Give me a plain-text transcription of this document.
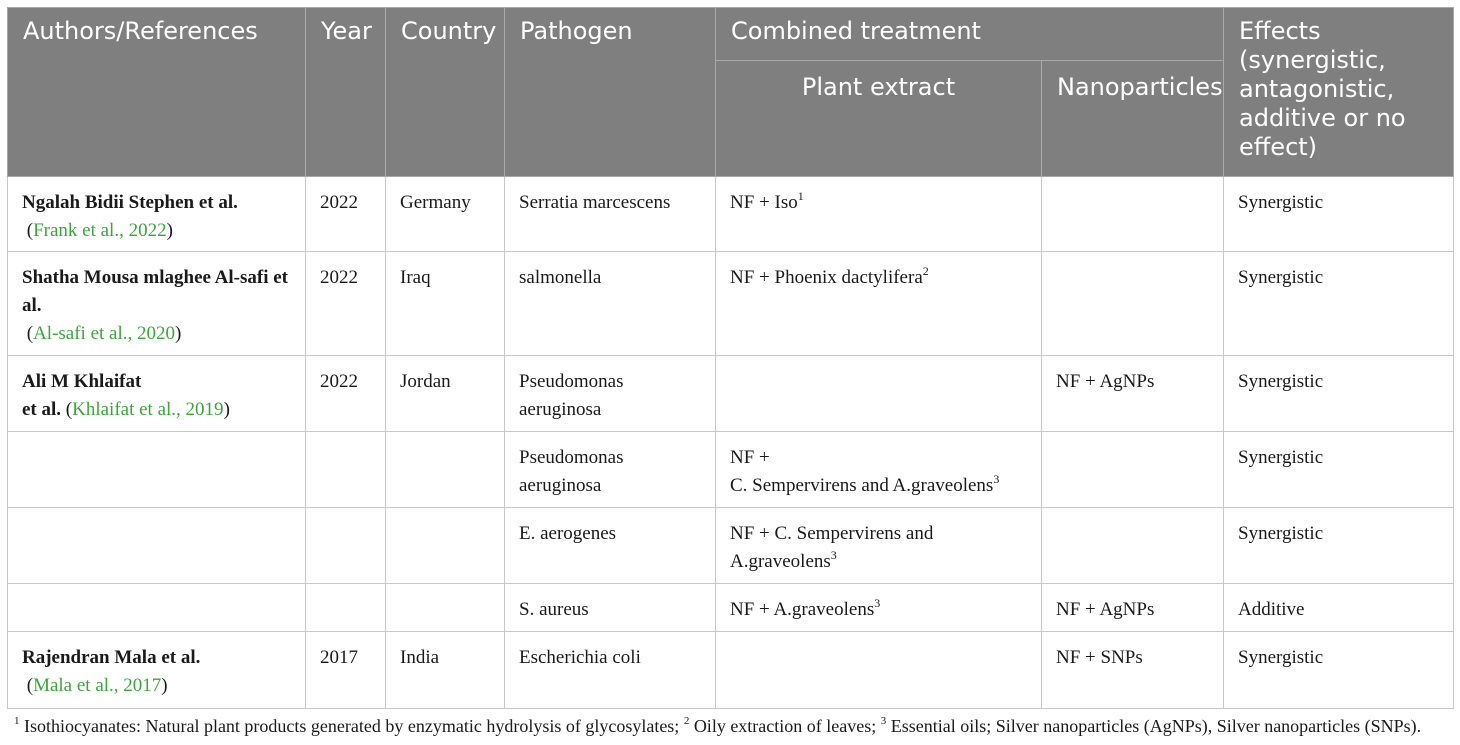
Authors/References	Year	Country	Pathogen	Combined treatment		Effects (synergistic, antagonistic, additive or no effect)
				Plant extract	Nanoparticles	
Ngalah Bidii Stephen et al.
(Frank et al., 2022)	2022	Germany	Serratia marcescens	NF + Iso$^1$		Synergistic
Shatha Mousa mlaghee Al-safi et al.
(Al-safi et al., 2020)	2022	Iraq	salmonella	NF + Phoenix dactylifera$^2$		Synergistic
Ali M Khlaifat
et al. (Khlaifat et al., 2019)	2022	Jordan	Pseudomonas aeruginosa		NF + AgNPs	Synergistic
			Pseudomonas aeruginosa	NF +
C. Sempervirens and A.graveolens$^3$		Synergistic
			E. aerogenes	NF + C. Sempervirens and
A.graveolens$^3$		Synergistic
			S. aureus	NF + A.graveolens$^3$	NF + AgNPs	Additive
Rajendran Mala et al.
(Mala et al., 2017)	2017	India	Escherichia coli		NF + SNPs	Synergistic
$^1$ Isothiocyanates: Natural plant products generated by enzymatic hydrolysis of glycosylates; $^2$ Oily extraction of leaves; $^3$ Essential oils; Silver nanoparticles (AgNPs), Silver nanoparticles (SNPs).
